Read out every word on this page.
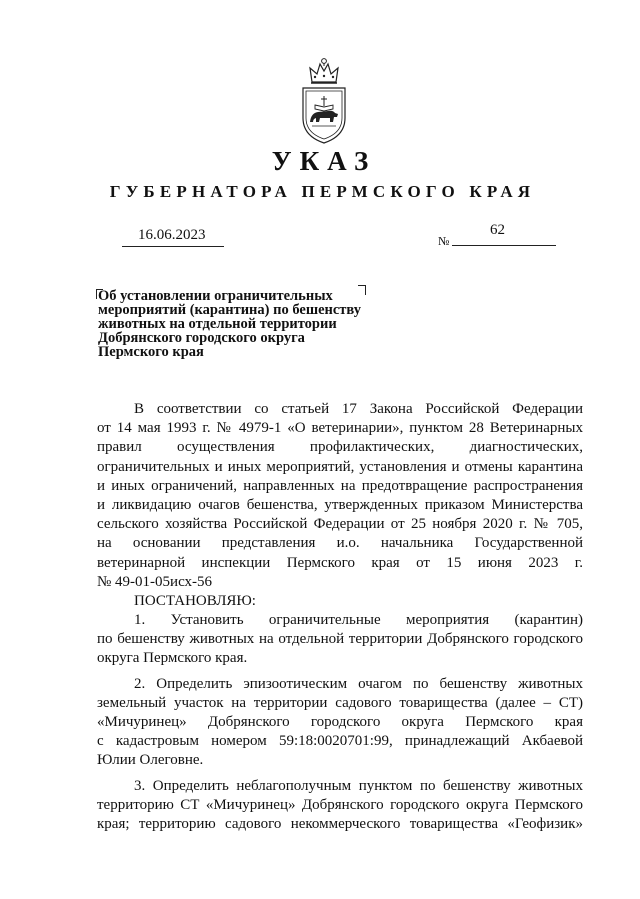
УКАЗ
ГУБЕРНАТОРА ПЕРМСКОГО КРАЯ
16.06.2023	№
62
Об установлении ограничительных
мероприятий (карантина) по бешенству
животных на отдельной территории
Добрянского городского округа
Пермского края
В соответствии со статьей 17 Закона Российской Федерации
от 14 мая 1993 г. № 4979-1 «О ветеринарии», пунктом 28 Ветеринарных
правил осуществления профилактических, диагностических,
ограничительных и иных мероприятий, установления и отмены карантина
и иных ограничений, направленных на предотвращение распространения
и ликвидацию очагов бешенства, утвержденных приказом Министерства
сельского хозяйства Российской Федерации от 25 ноября 2020 г. № 705,
на основании представления и.о. начальника Государственной
ветеринарной инспекции Пермского края от 15 июня 2023 г.
№ 49-01-05исх-56
ПОСТАНОВЛЯЮ:
1. Установить ограничительные мероприятия (карантин)
по бешенству животных на отдельной территории Добрянского городского
округа Пермского края.
2. Определить эпизоотическим очагом по бешенству животных
земельный участок на территории садового товарищества (далее – СТ)
«Мичуринец» Добрянского городского округа Пермского края
с кадастровым номером 59:18:0020701:99, принадлежащий Акбаевой
Юлии Олеговне.
3. Определить неблагополучным пунктом по бешенству животных
территорию СТ «Мичуринец» Добрянского городского округа Пермского
края; территорию садового некоммерческого товарищества «Геофизик»
